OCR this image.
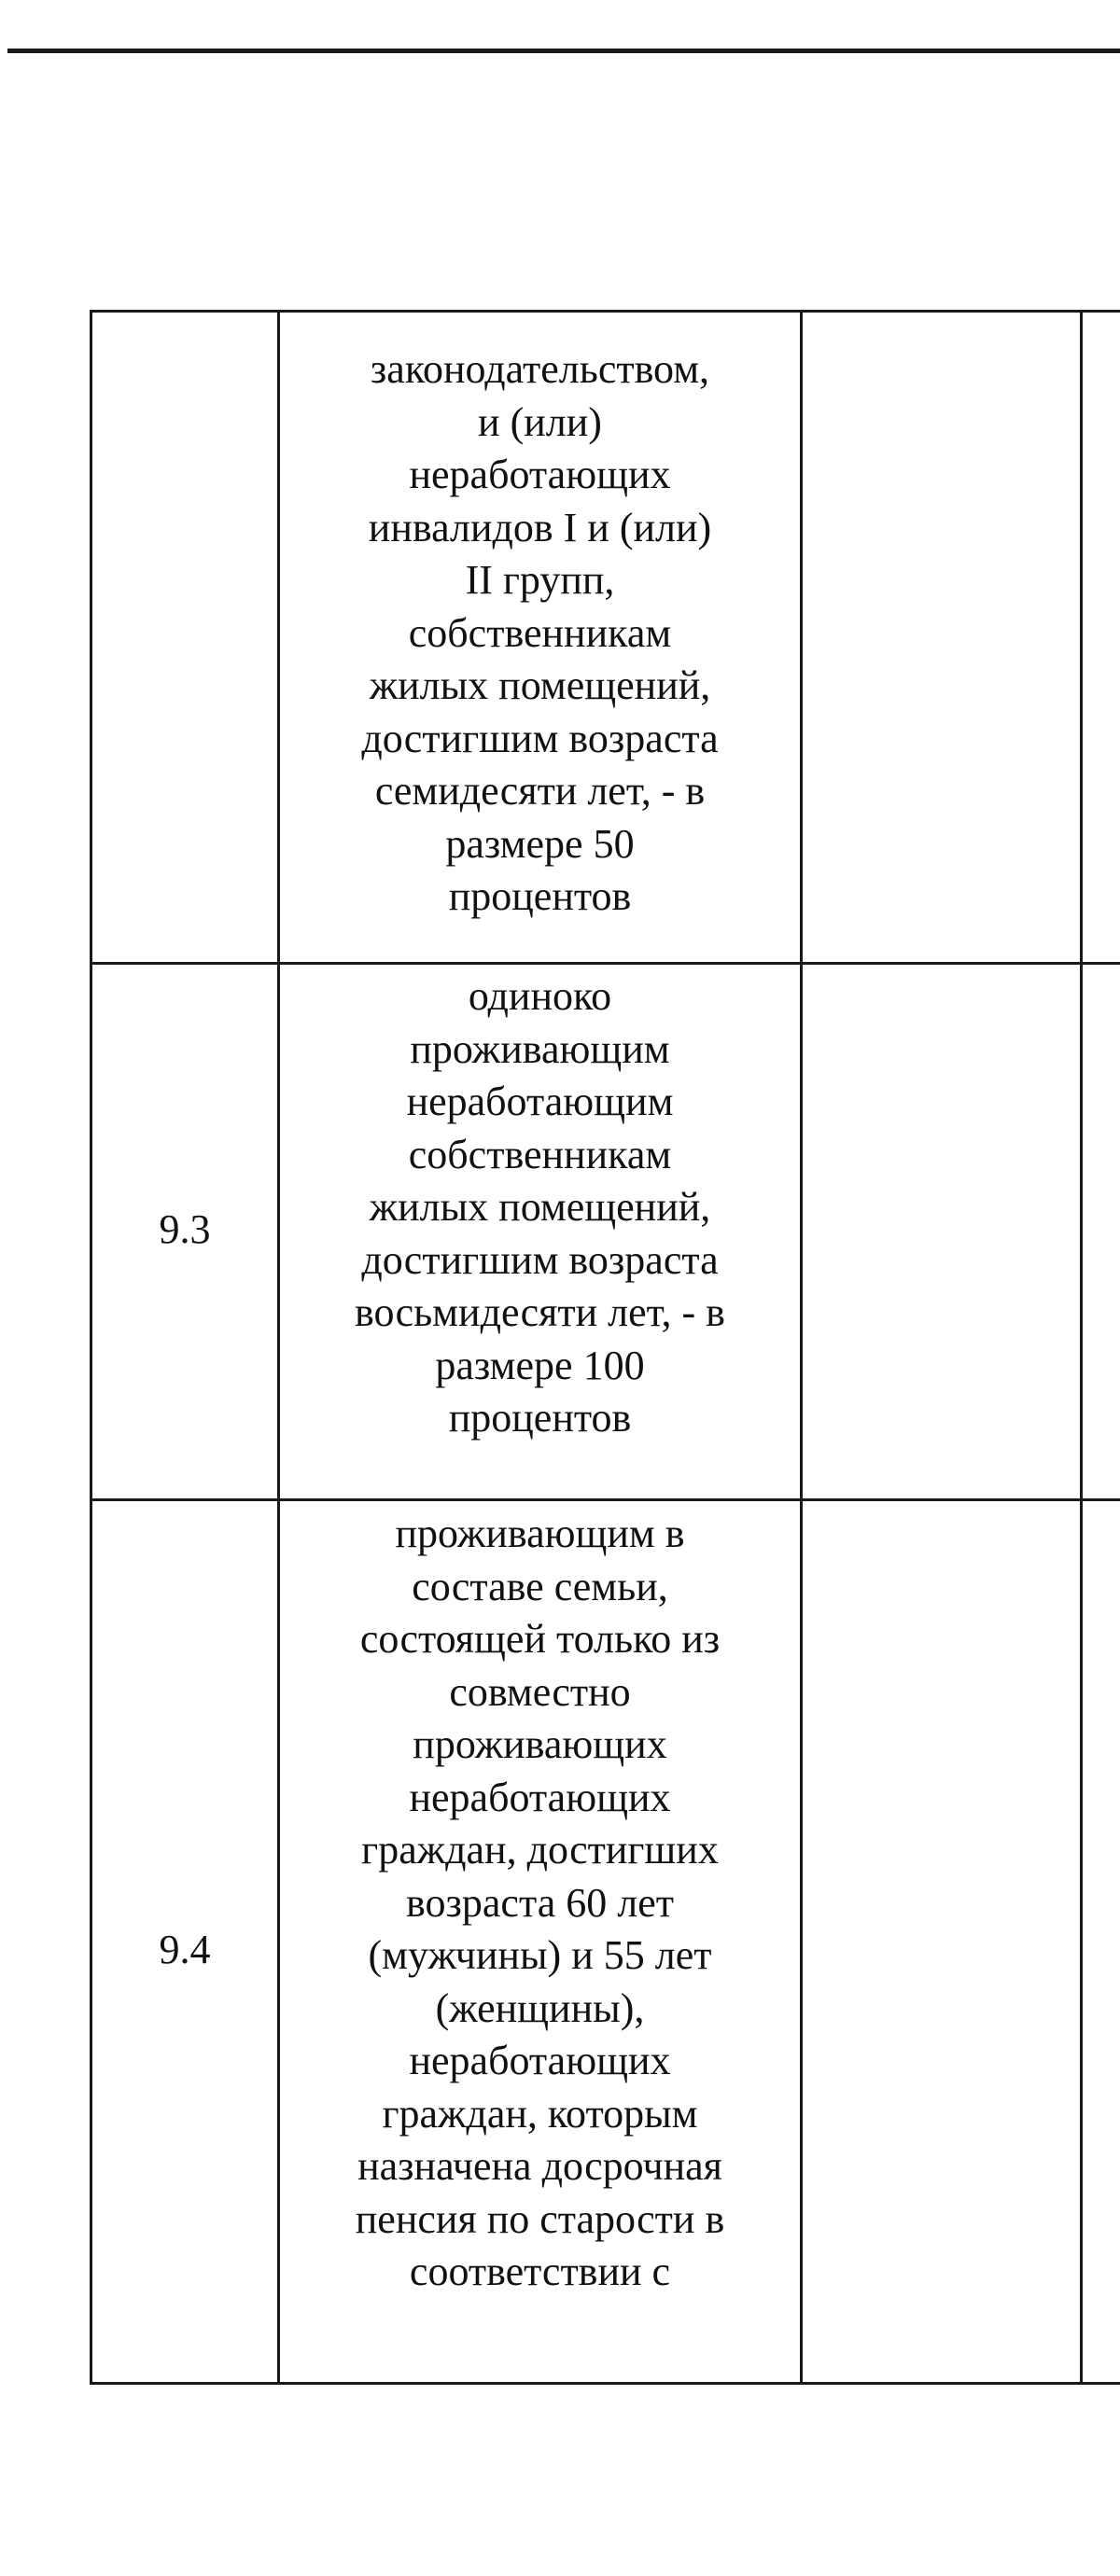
законодательством,
и (или)
неработающих
инвалидов I и (или)
II групп,
собственникам
жилых помещений,
достигшим возраста
семидесяти лет, - в
размере 50
процентов

9.3

одиноко
проживающим
неработающим
собственникам
жилых помещений,
достигшим возраста
восьмидесяти лет, - в
размере 100
процентов

9.4

проживающим в
составе семьи,
состоящей только из
совместно
проживающих
неработающих
граждан, достигших
возраста 60 лет
(мужчины) и 55 лет
(женщины),
неработающих
граждан, которым
назначена досрочная
пенсия по старости в
соответствии с
